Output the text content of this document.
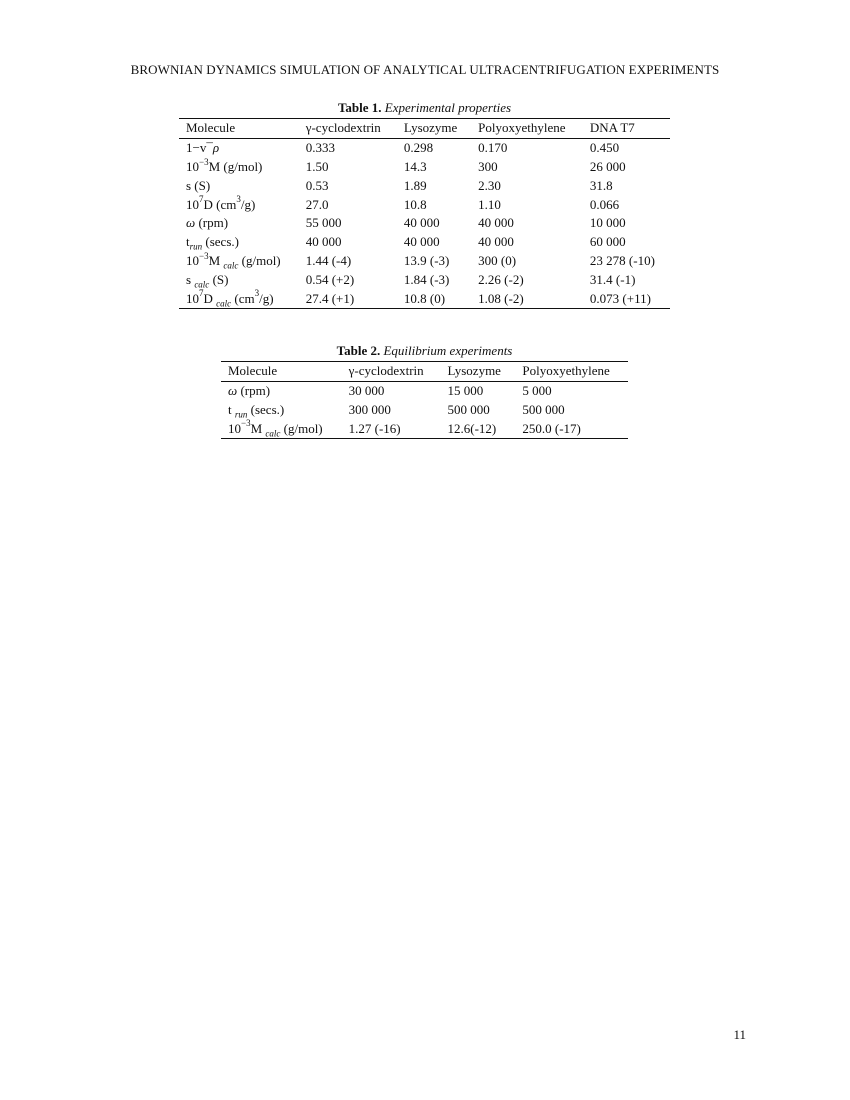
BROWNIAN DYNAMICS SIMULATION OF ANALYTICAL ULTRACENTRIFUGATION EXPERIMENTS
Table 1. Experimental properties
Molecule	γ-cyclodextrin	Lysozyme	Polyoxyethylene	DNA T7
1−v¯ρ	0.333	0.298	0.170	0.450
$10^{-3}M$ (g/mol)	1.50	14.3	300	26 000
s (S)	0.53	1.89	2.30	31.8
$10^7D$ $(cm^3/g)$	27.0	10.8	1.10	0.066
ω (rpm)	55 000	40 000	40 000	10 000
$t_{run}$ (secs.)	40 000	40 000	40 000	60 000
$10^{-3}M$ $_{calc}$ (g/mol)	1.44 (-4)	13.9 (-3)	300 (0)	23 278 (-10)
s $_{calc}$ (S)	0.54 (+2)	1.84 (-3)	2.26 (-2)	31.4 (-1)
$10^7D$ $_{calc}$ $(cm^3/g)$	27.4 (+1)	10.8 (0)	1.08 (-2)	0.073 (+11)
Table 2. Equilibrium experiments
Molecule	γ-cyclodextrin	Lysozyme	Polyoxyethylene
ω (rpm)	30 000	15 000	5 000
t $_{run}$ (secs.)	300 000	500 000	500 000
$10^{-3}M$ $_{calc}$ (g/mol)	1.27 (-16)	12.6(-12)	250.0 (-17)
11
